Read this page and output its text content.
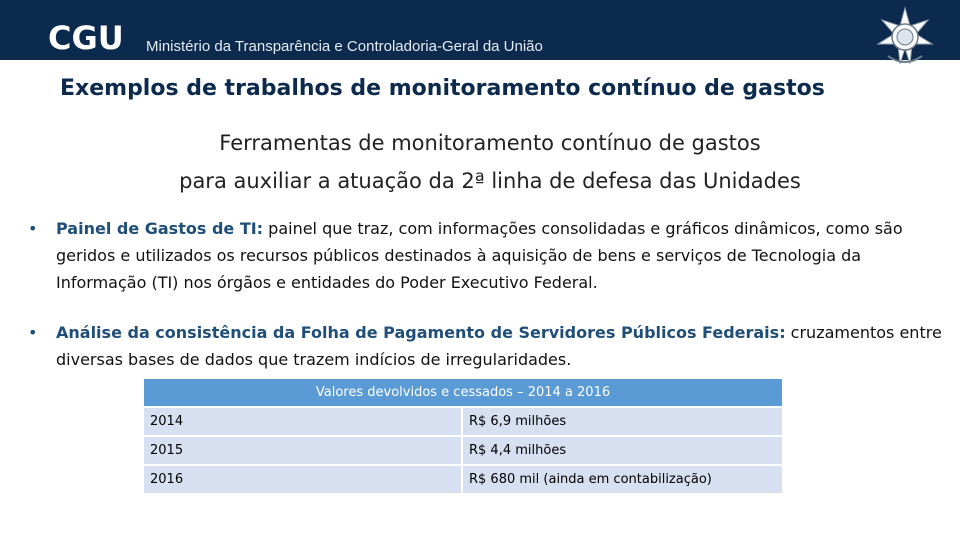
CGU Ministério da Transparência e Controladoria-Geral da União
Exemplos de trabalhos de monitoramento contínuo de gastos
Ferramentas de monitoramento contínuo de gastos
para auxiliar a atuação da 2ª linha de defesa das Unidades
• Painel de Gastos de TI: painel que traz, com informações consolidadas e gráficos dinâmicos, como são
geridos e utilizados os recursos públicos destinados à aquisição de bens e serviços de Tecnologia da
Informação (TI) nos órgãos e entidades do Poder Executivo Federal.
• Análise da consistência da Folha de Pagamento de Servidores Públicos Federais: cruzamentos entre
diversas bases de dados que trazem indícios de irregularidades.
Valores devolvidos e cessados – 2014 a 2016	
2014	R$ 6,9 milhões
2015	R$ 4,4 milhões
2016	R$ 680 mil (ainda em contabilização)
